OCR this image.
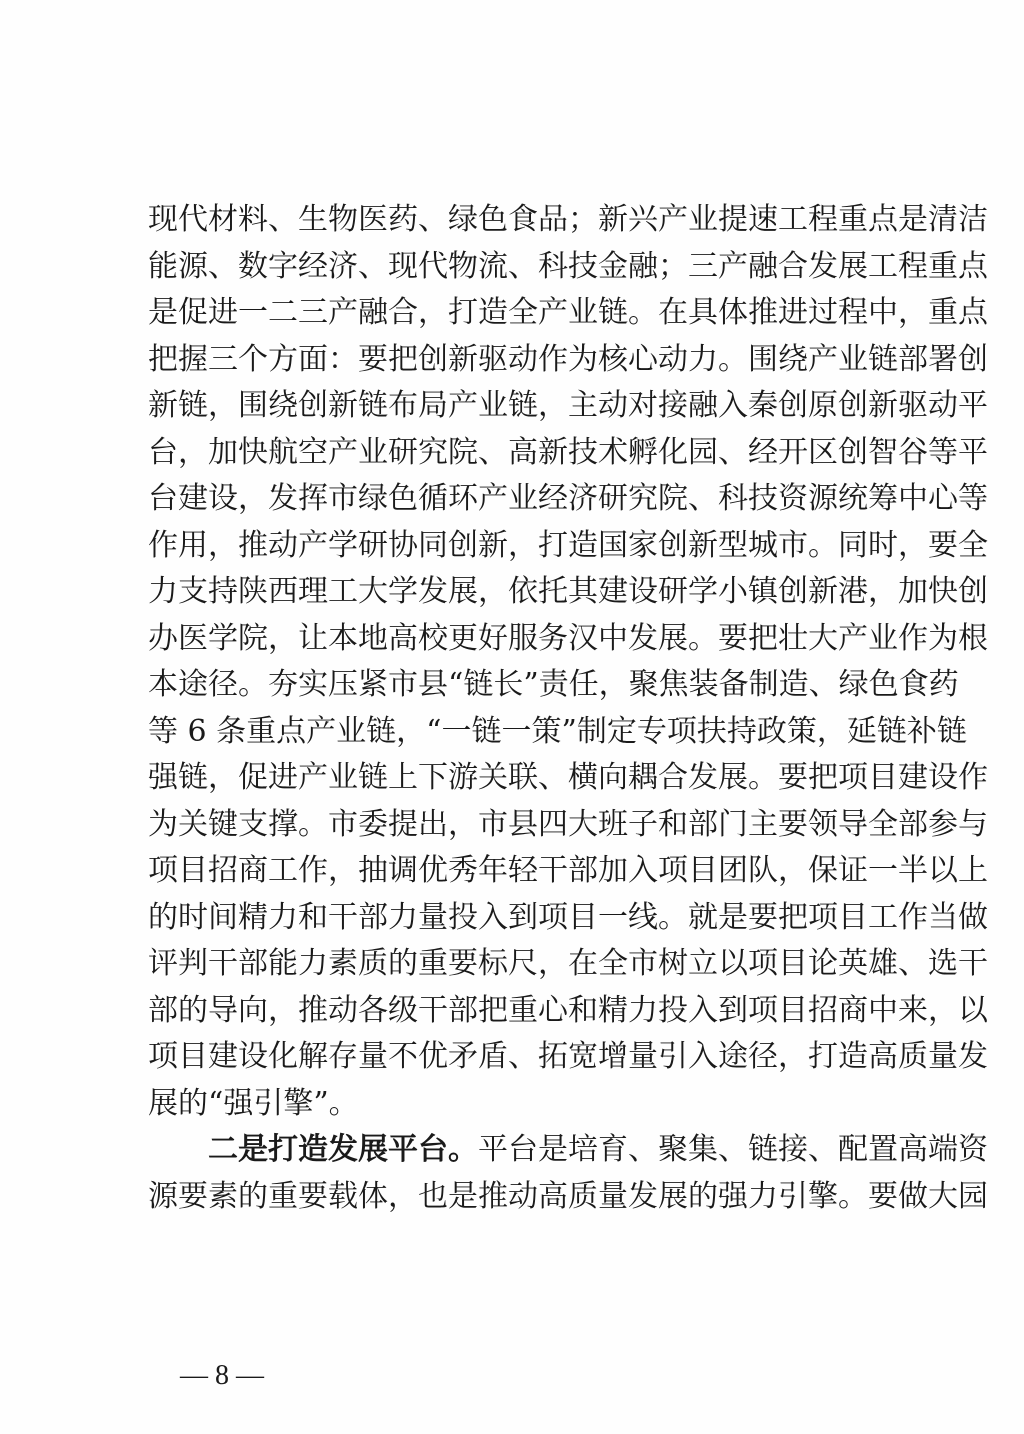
现代材料、生物医药、绿色食品；新兴产业提速工程重点是清洁
能源、数字经济、现代物流、科技金融；三产融合发展工程重点
是促进一二三产融合，打造全产业链。在具体推进过程中，重点
把握三个方面：要把创新驱动作为核心动力。围绕产业链部署创
新链，围绕创新链布局产业链，主动对接融入秦创原创新驱动平
台，加快航空产业研究院、高新技术孵化园、经开区创智谷等平
台建设，发挥市绿色循环产业经济研究院、科技资源统筹中心等
作用，推动产学研协同创新，打造国家创新型城市。同时，要全
力支持陕西理工大学发展，依托其建设研学小镇创新港，加快创
办医学院，让本地高校更好服务汉中发展。要把壮大产业作为根
本途径。夯实压紧市县“链长”责任，聚焦装备制造、绿色食药
等 6 条重点产业链，“一链一策”制定专项扶持政策，延链补链
强链，促进产业链上下游关联、横向耦合发展。要把项目建设作
为关键支撑。市委提出，市县四大班子和部门主要领导全部参与
项目招商工作，抽调优秀年轻干部加入项目团队，保证一半以上
的时间精力和干部力量投入到项目一线。就是要把项目工作当做
评判干部能力素质的重要标尺，在全市树立以项目论英雄、选干
部的导向，推动各级干部把重心和精力投入到项目招商中来，以
项目建设化解存量不优矛盾、拓宽增量引入途径，打造高质量发
展的“强引擎”。
二是打造发展平台。平台是培育、聚集、链接、配置高端资
源要素的重要载体，也是推动高质量发展的强力引擎。要做大园
— 8 —
